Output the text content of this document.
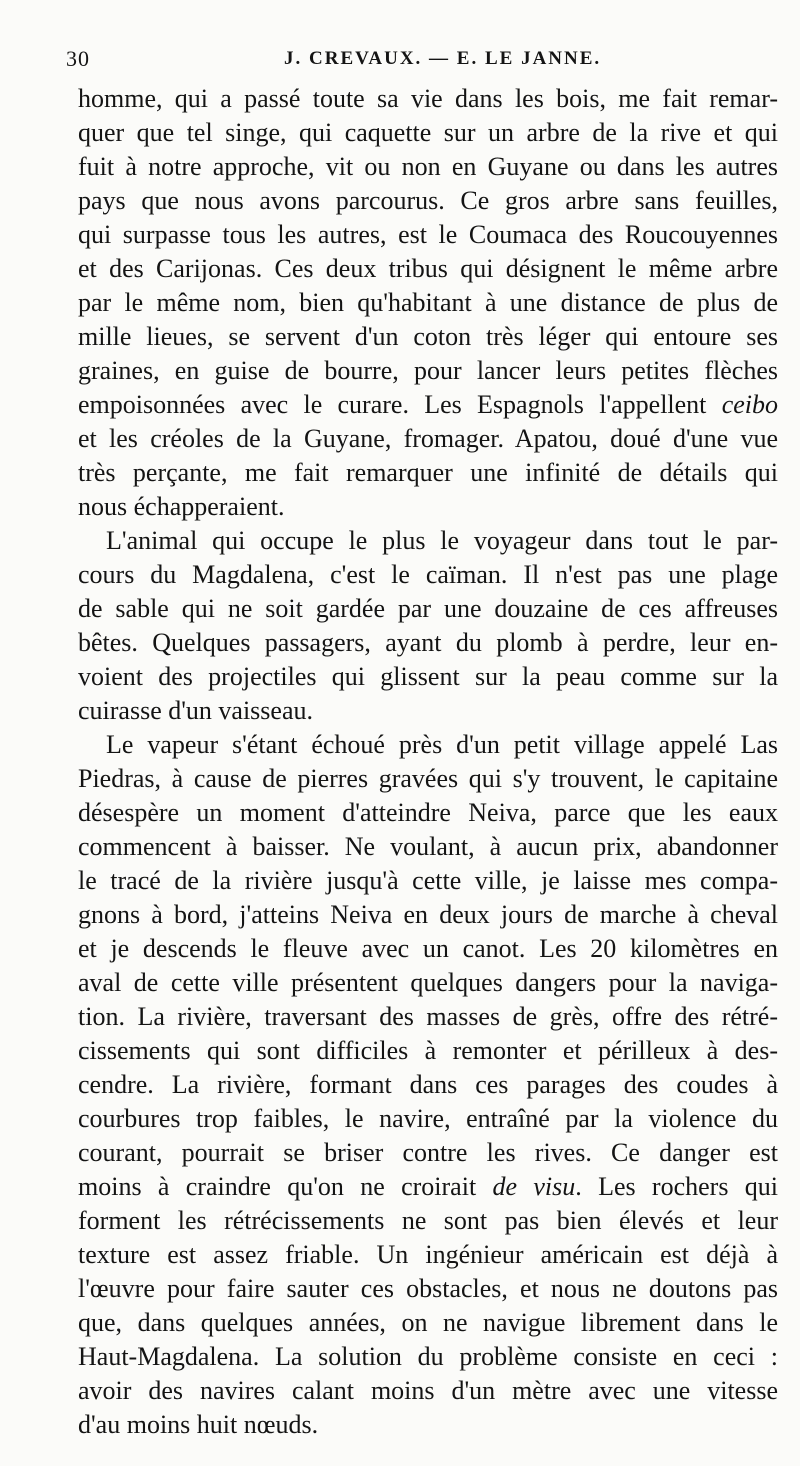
30	J. CREVAUX. — E. LE JANNE.
homme, qui a passé toute sa vie dans les bois, me fait remar-
quer que tel singe, qui caquette sur un arbre de la rive et qui
fuit à notre approche, vit ou non en Guyane ou dans les autres
pays que nous avons parcourus. Ce gros arbre sans feuilles,
qui surpasse tous les autres, est le Coumaca des Roucouyennes
et des Carijonas. Ces deux tribus qui désignent le même arbre
par le même nom, bien qu'habitant à une distance de plus de
mille lieues, se servent d'un coton très léger qui entoure ses
graines, en guise de bourre, pour lancer leurs petites flèches
empoisonnées avec le curare. Les Espagnols l'appellent ceibo
et les créoles de la Guyane, fromager. Apatou, doué d'une vue
très perçante, me fait remarquer une infinité de détails qui
nous échapperaient.
L'animal qui occupe le plus le voyageur dans tout le par-
cours du Magdalena, c'est le caïman. Il n'est pas une plage
de sable qui ne soit gardée par une douzaine de ces affreuses
bêtes. Quelques passagers, ayant du plomb à perdre, leur en-
voient des projectiles qui glissent sur la peau comme sur la
cuirasse d'un vaisseau.
Le vapeur s'étant échoué près d'un petit village appelé Las
Piedras, à cause de pierres gravées qui s'y trouvent, le capitaine
désespère un moment d'atteindre Neiva, parce que les eaux
commencent à baisser. Ne voulant, à aucun prix, abandonner
le tracé de la rivière jusqu'à cette ville, je laisse mes compa-
gnons à bord, j'atteins Neiva en deux jours de marche à cheval
et je descends le fleuve avec un canot. Les 20 kilomètres en
aval de cette ville présentent quelques dangers pour la naviga-
tion. La rivière, traversant des masses de grès, offre des rétré-
cissements qui sont difficiles à remonter et périlleux à des-
cendre. La rivière, formant dans ces parages des coudes à
courbures trop faibles, le navire, entraîné par la violence du
courant, pourrait se briser contre les rives. Ce danger est
moins à craindre qu'on ne croirait de visu. Les rochers qui
forment les rétrécissements ne sont pas bien élevés et leur
texture est assez friable. Un ingénieur américain est déjà à
l'œuvre pour faire sauter ces obstacles, et nous ne doutons pas
que, dans quelques années, on ne navigue librement dans le
Haut-Magdalena. La solution du problème consiste en ceci :
avoir des navires calant moins d'un mètre avec une vitesse
d'au moins huit nœuds.
